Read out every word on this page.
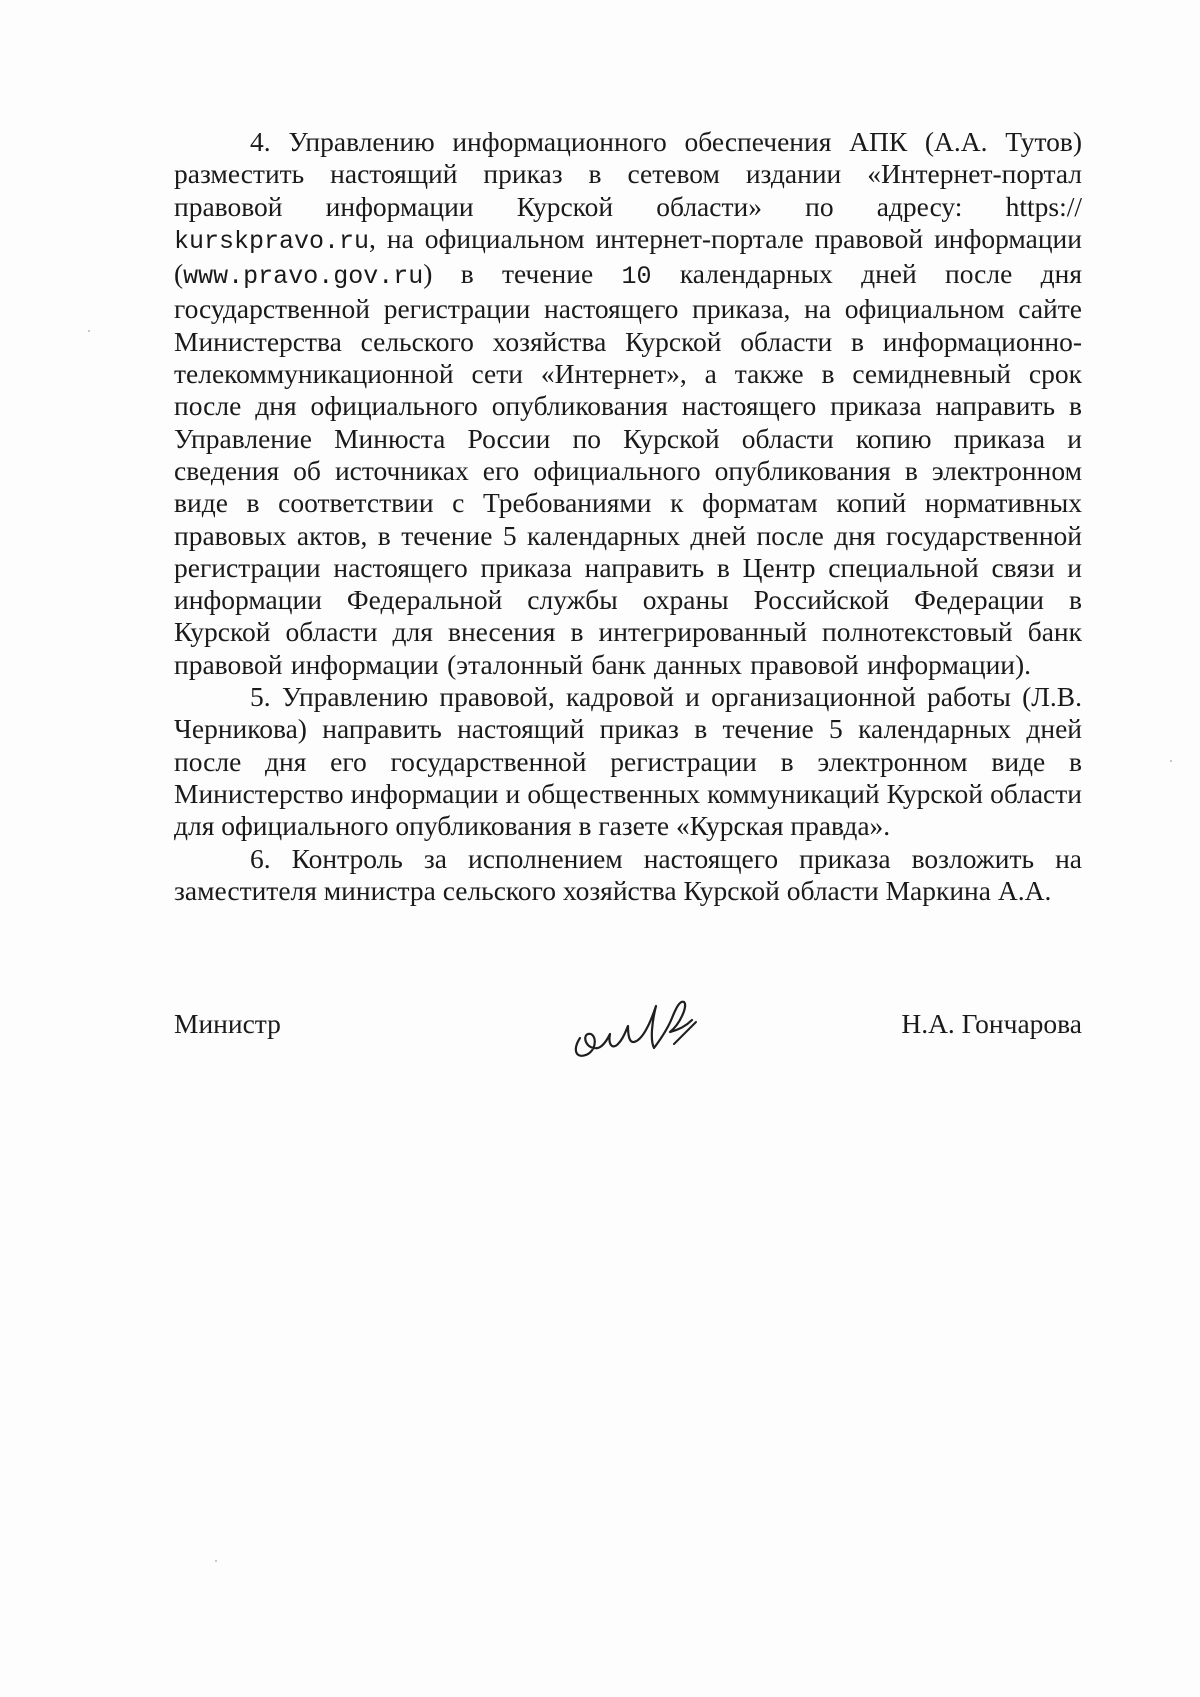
4. Управлению информационного обеспечения АПК (А.А. Тутов) разместить настоящий приказ в сетевом издании «Интернет-портал правовой информации Курской области» по адресу: https:// kurskpravo.ru, на официальном интернет-портале правовой информации (www.pravo.gov.ru) в течение 10 календарных дней после дня государственной регистрации настоящего приказа, на официальном сайте Министерства сельского хозяйства Курской области в информационно-телекоммуникационной сети «Интернет», а также в семидневный срок после дня официального опубликования настоящего приказа направить в Управление Минюста России по Курской области копию приказа и сведения об источниках его официального опубликования в электронном виде в соответствии с Требованиями к форматам копий нормативных правовых актов, в течение 5 календарных дней после дня государственной регистрации настоящего приказа направить в Центр специальной связи и информации Федеральной службы охраны Российской Федерации в Курской области для внесения в интегрированный полнотекстовый банк правовой информации (эталонный банк данных правовой информации).

5. Управлению правовой, кадровой и организационной работы (Л.В. Черникова) направить настоящий приказ в течение 5 календарных дней после дня его государственной регистрации в электронном виде в Министерство информации и общественных коммуникаций Курской области для официального опубликования в газете «Курская правда».

6. Контроль за исполнением настоящего приказа возложить на заместителя министра сельского хозяйства Курской области Маркина А.А.

Министр	Н.А. Гончарова
